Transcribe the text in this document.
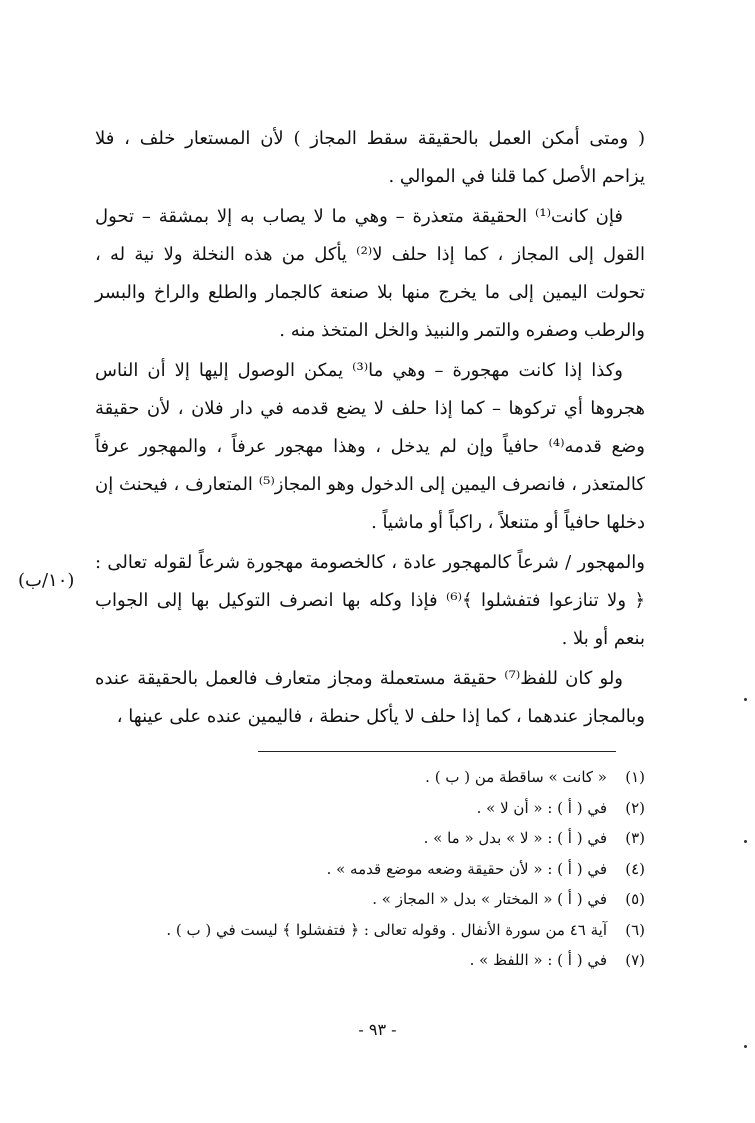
( ومتى أمكن العمل بالحقيقة سقط المجاز ) لأن المستعار خلف ، فلا يزاحم الأصل كما قلنا في الموالي .

فإن كانت⁽¹⁾ الحقيقة متعذرة – وهي ما لا يصاب به إلا بمشقة – تحول القول إلى المجاز ، كما إذا حلف لا⁽²⁾ يأكل من هذه النخلة ولا نية له ، تحولت اليمين إلى ما يخرج منها بلا صنعة كالجمار والطلع والراخ والبسر والرطب وصفره والتمر والنبيذ والخل المتخذ منه .

وكذا إذا كانت مهجورة – وهي ما⁽³⁾ يمكن الوصول إليها إلا أن الناس هجروها أي تركوها – كما إذا حلف لا يضع قدمه في دار فلان ، لأن حقيقة وضع قدمه⁽⁴⁾ حافياً وإن لم يدخل ، وهذا مهجور عرفاً ، والمهجور عرفاً كالمتعذر ، فانصرف اليمين إلى الدخول وهو المجاز⁽⁵⁾ المتعارف ، فيحنث إن دخلها حافياً أو متنعلاً ، راكباً أو ماشياً .

والمهجور / شرعاً كالمهجور عادة ، كالخصومة مهجورة شرعاً لقوله تعالى : ﴿ ولا تنازعوا فتفشلوا ﴾⁽⁶⁾ فإذا وكله بها انصرف التوكيل بها إلى الجواب بنعم أو بلا .

ولو كان للفظ⁽⁷⁾ حقيقة مستعملة ومجاز متعارف فالعمل بالحقيقة عنده وبالمجاز عندهما ، كما إذا حلف لا يأكل حنطة ، فاليمين عنده على عينها ،

(١٠/ب)
(١)« كانت » ساقطة من ( ب ) .
(٢)في ( أ ) : « أن لا » .
(٣)في ( أ ) : « لا » بدل « ما » .
(٤)في ( أ ) : « لأن حقيقة وضعه موضع قدمه » .
(٥)في ( أ ) « المختار » بدل « المجاز » .
(٦)آية ٤٦ من سورة الأنفال . وقوله تعالى : ﴿ فتفشلوا ﴾ ليست في ( ب ) .
(٧)في ( أ ) : « اللفظ » .
- ٩٣ -
